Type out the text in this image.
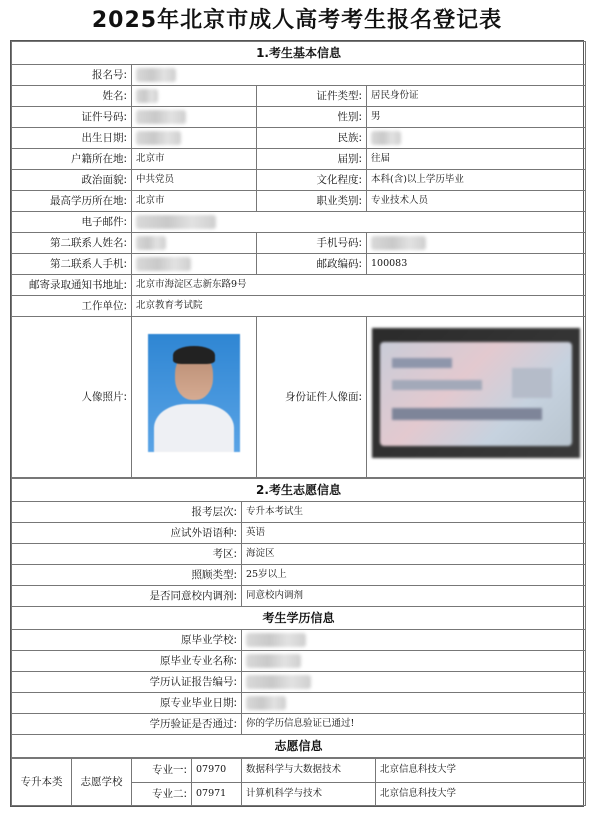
2025年北京市成人高考考生报名登记表
1.考生基本信息			
报名号:			
姓名:		证件类型:	居民身份证
证件号码:		性别:	男
出生日期:		民族:	
户籍所在地:	北京市	届别:	往届
政治面貌:	中共党员	文化程度:	本科(含)以上学历毕业
最高学历所在地:	北京市	职业类别:	专业技术人员
电子邮件:			
第二联系人姓名:		手机号码:	
第二联系人手机:		邮政编码:	100083
邮寄录取通知书地址:	北京市海淀区志新东路9号		
工作单位:	北京教育考试院		
人像照片:		身份证件人像面:	
2.考生志愿信息	
报考层次:	专升本考试生
应试外语语种:	英语
考区:	海淀区
照顾类型:	25岁以上
是否同意校内调剂:	同意校内调剂
考生学历信息	
原毕业学校:	
原毕业专业名称:	
学历认证报告编号:	
原专业毕业日期:	
学历验证是否通过:	你的学历信息验证已通过!
志愿信息	
专升本类	志愿学校	专业一:	07970	数据科学与大数据技术	北京信息科技大学
		专业二:	07971	计算机科学与技术	北京信息科技大学
